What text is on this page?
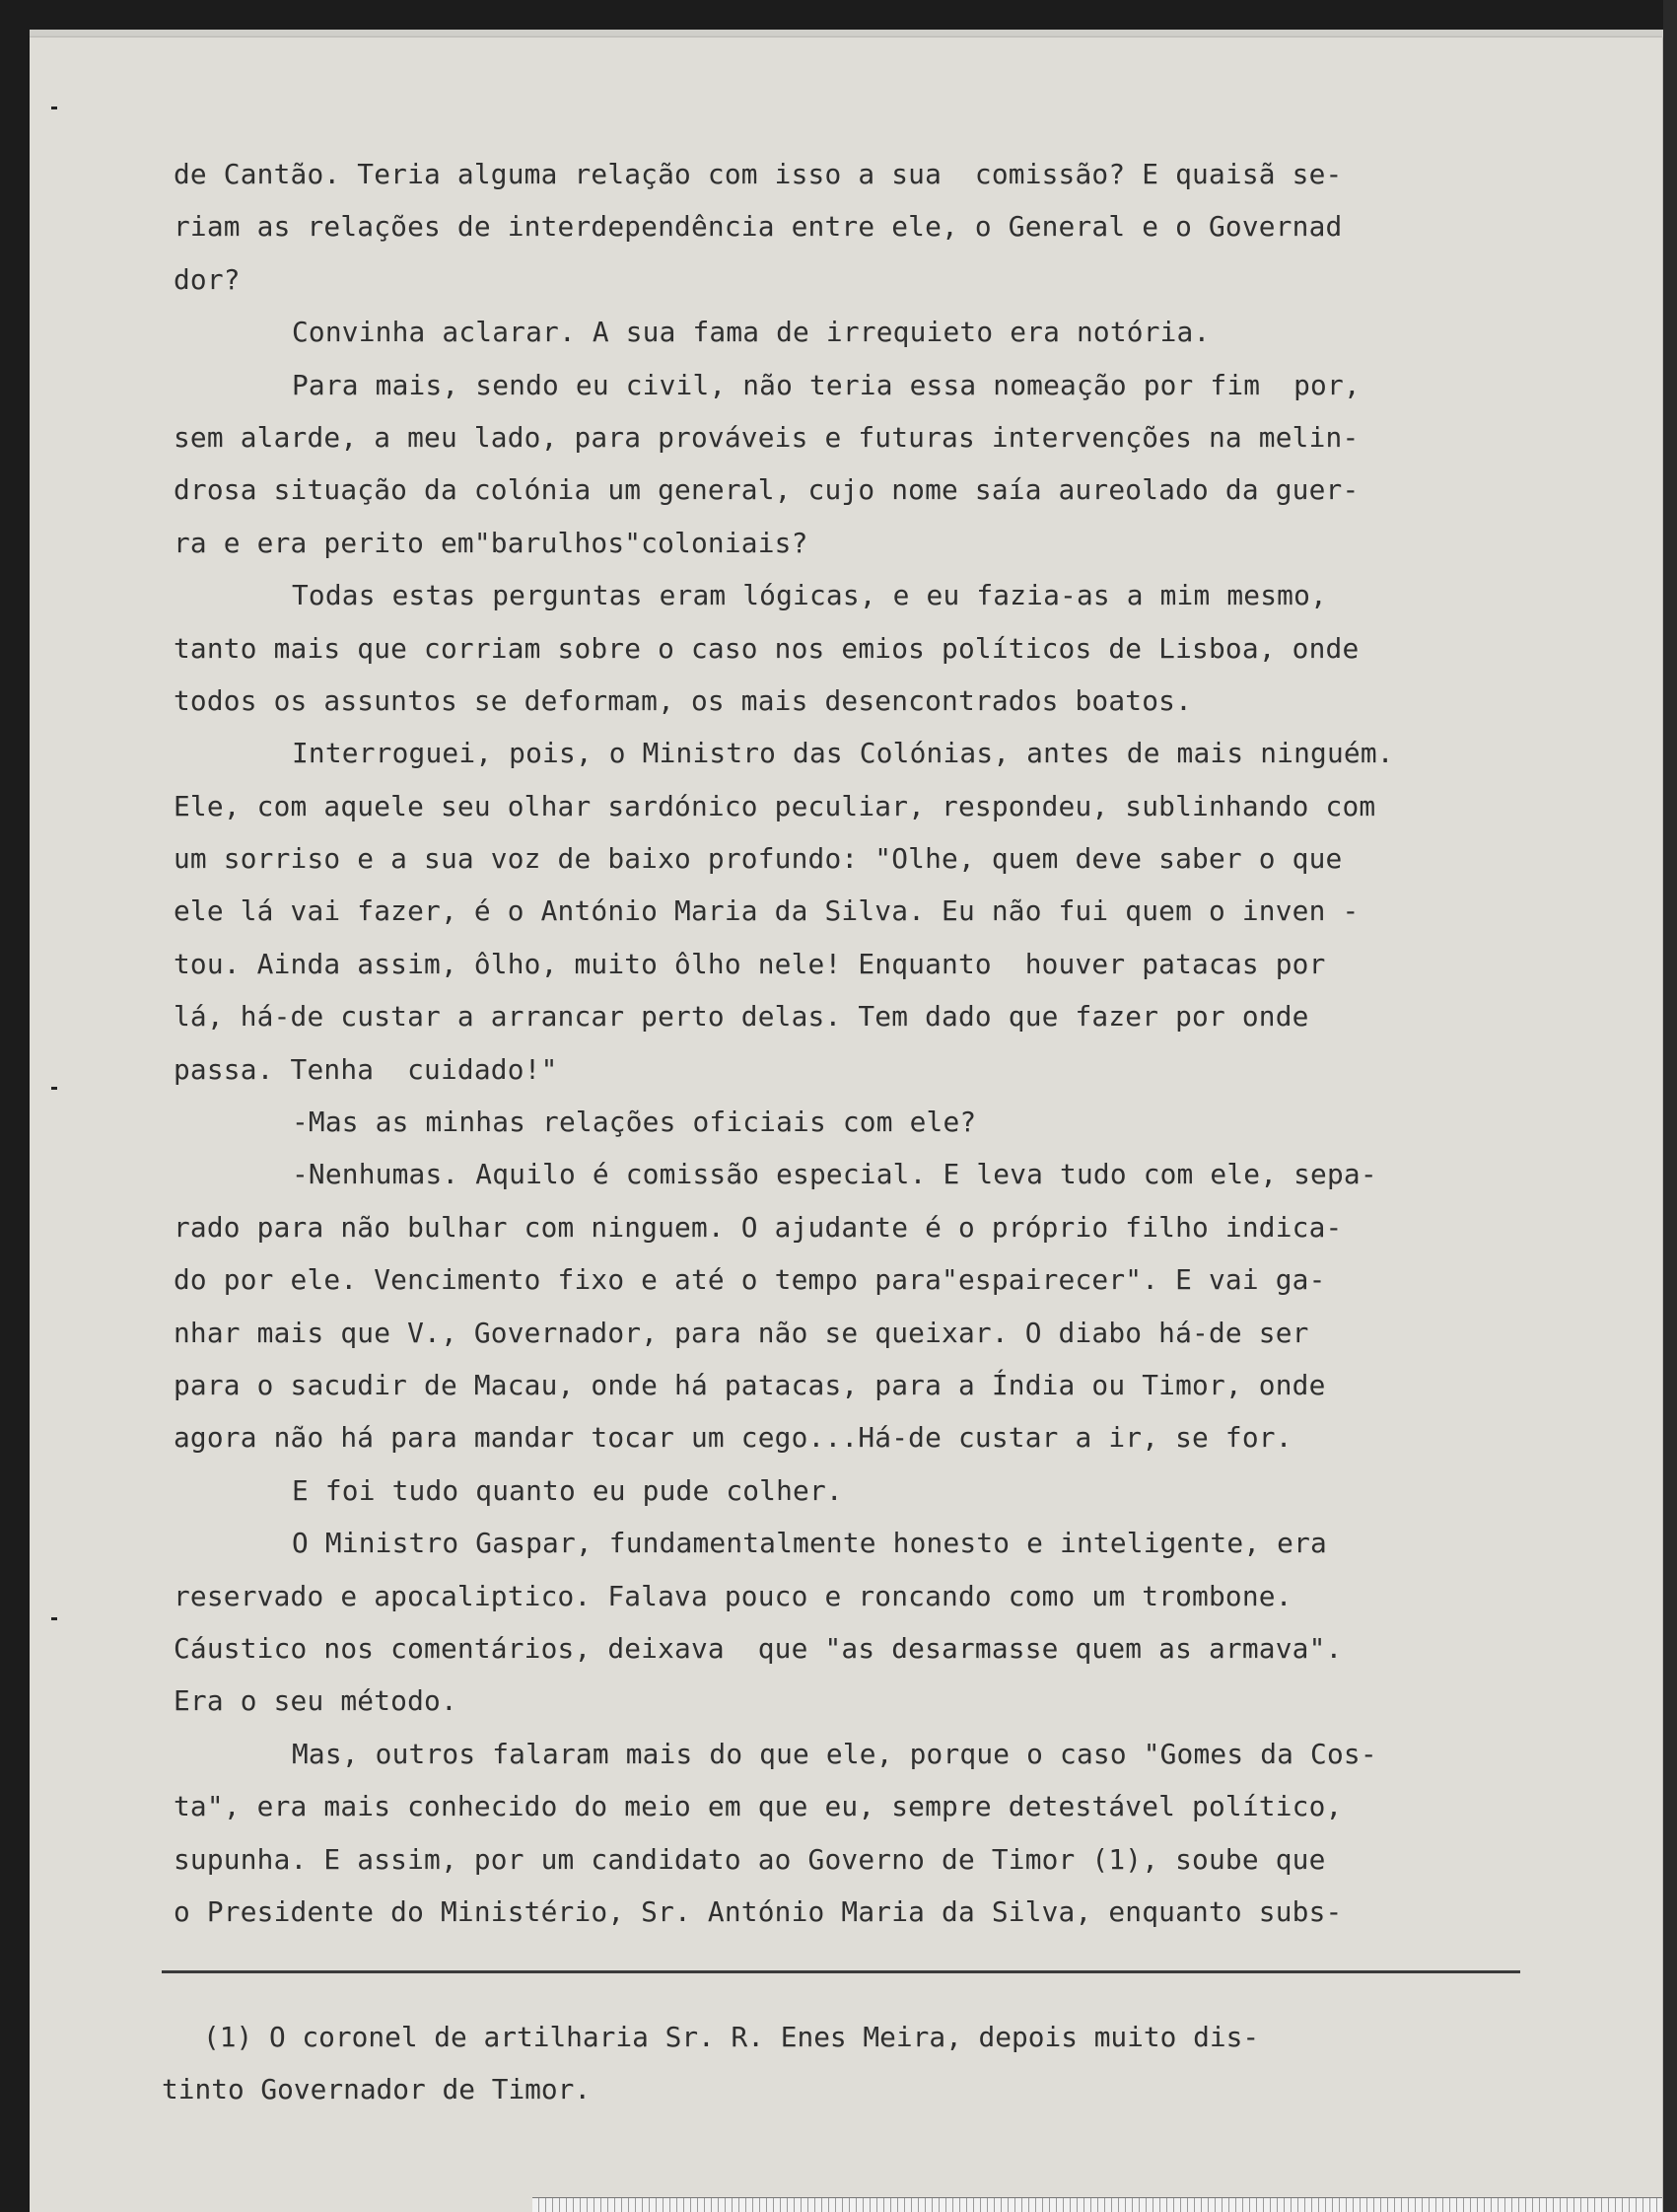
de Cantão. Teria alguma relação com isso a sua  comissão? E quaisã se-
riam as relações de interdependência entre ele, o General e o Governad
dor?
Convinha aclarar. A sua fama de irrequieto era notória.
Para mais, sendo eu civil, não teria essa nomeação por fim  por,
sem alarde, a meu lado, para prováveis e futuras intervenções na melin-
drosa situação da colónia um general, cujo nome saía aureolado da guer-
ra e era perito em"barulhos"coloniais?
Todas estas perguntas eram lógicas, e eu fazia-as a mim mesmo,
tanto mais que corriam sobre o caso nos emios políticos de Lisboa, onde
todos os assuntos se deformam, os mais desencontrados boatos.
Interroguei, pois, o Ministro das Colónias, antes de mais ninguém.
Ele, com aquele seu olhar sardónico peculiar, respondeu, sublinhando com
um sorriso e a sua voz de baixo profundo: "Olhe, quem deve saber o que
ele lá vai fazer, é o António Maria da Silva. Eu não fui quem o inven -
tou. Ainda assim, ôlho, muito ôlho nele! Enquanto  houver patacas por
lá, há-de custar a arrancar perto delas. Tem dado que fazer por onde
passa. Tenha  cuidado!"
-Mas as minhas relações oficiais com ele?
-Nenhumas. Aquilo é comissão especial. E leva tudo com ele, sepa-
rado para não bulhar com ninguem. O ajudante é o próprio filho indica-
do por ele. Vencimento fixo e até o tempo para"espairecer". E vai ga-
nhar mais que V., Governador, para não se queixar. O diabo há-de ser
para o sacudir de Macau, onde há patacas, para a Índia ou Timor, onde
agora não há para mandar tocar um cego...Há-de custar a ir, se for.
E foi tudo quanto eu pude colher.
O Ministro Gaspar, fundamentalmente honesto e inteligente, era
reservado e apocaliptico. Falava pouco e roncando como um trombone.
Cáustico nos comentários, deixava  que "as desarmasse quem as armava".
Era o seu método.
Mas, outros falaram mais do que ele, porque o caso "Gomes da Cos-
ta", era mais conhecido do meio em que eu, sempre detestável político,
supunha. E assim, por um candidato ao Governo de Timor (1), soube que
o Presidente do Ministério, Sr. António Maria da Silva, enquanto subs-
(1) O coronel de artilharia Sr. R. Enes Meira, depois muito dis-
tinto Governador de Timor.
